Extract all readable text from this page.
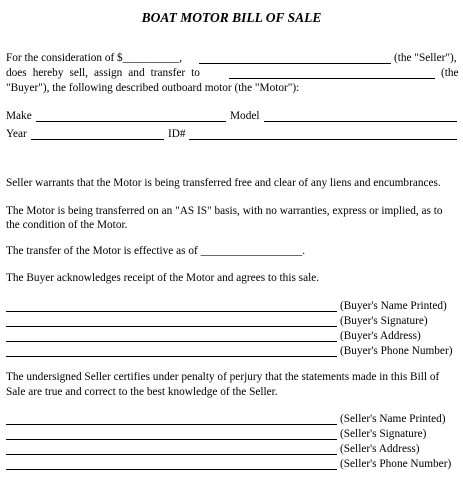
BOAT MOTOR BILL OF SALE
For the consideration of $__________,	(the "Seller"),
does hereby sell, assign and transfer to	(the
"Buyer"), the following described outboard motor (the "Motor"):
Make	Model
Year	ID#
Seller warrants that the Motor is being transferred free and clear of any liens and encumbrances.
The Motor is being transferred on an "AS IS" basis, with no warranties, express or implied, as to the condition of the Motor.
The transfer of the Motor is effective as of __________________.
The Buyer acknowledges receipt of the Motor and agrees to this sale.
(Buyer's Name Printed)
(Buyer's Signature)
(Buyer's Address)
(Buyer's Phone Number)
The undersigned Seller certifies under penalty of perjury that the statements made in this Bill of Sale are true and correct to the best knowledge of the Seller.
(Seller's Name Printed)
(Seller's Signature)
(Seller's Address)
(Seller's Phone Number)
